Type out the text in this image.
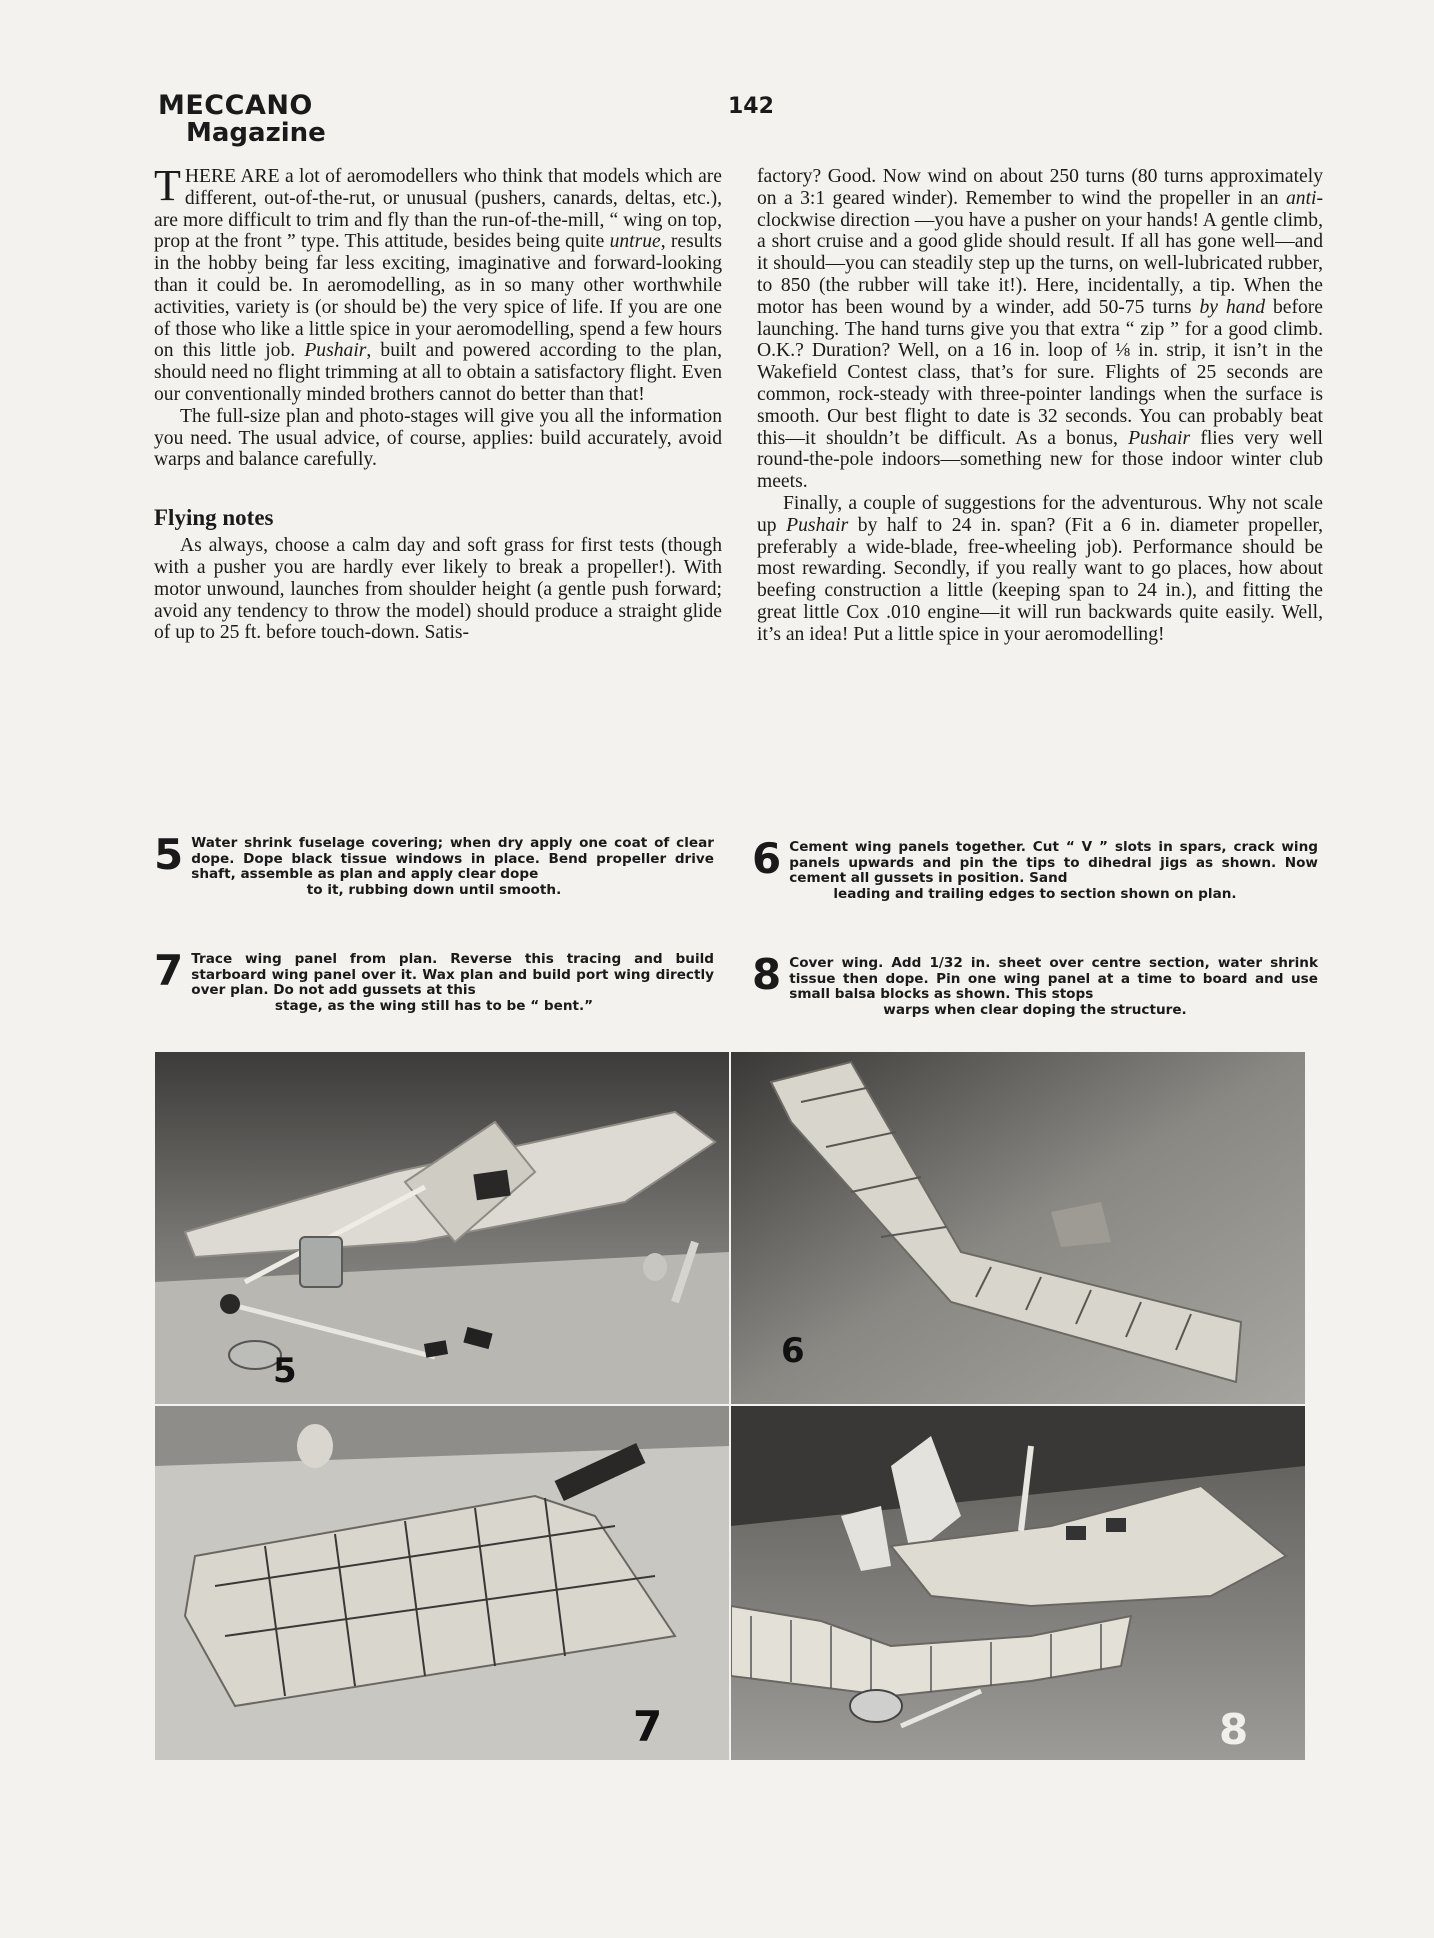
MECCANO
Magazine
142

THERE ARE a lot of aeromodellers who think that models which are different, out-of-the-rut, or unusual (pushers, canards, deltas, etc.), are more difficult to trim and fly than the run-of-the-mill, “ wing on top, prop at the front ” type. This attitude, besides being quite untrue, results in the hobby being far less exciting, imaginative and forward-looking than it could be. In aeromodelling, as in so many other worthwhile activities, variety is (or should be) the very spice of life. If you are one of those who like a little spice in your aeromodelling, spend a few hours on this little job. Pushair, built and powered according to the plan, should need no flight trimming at all to obtain a satisfactory flight. Even our conventionally minded brothers cannot do better than that!

The full-size plan and photo-stages will give you all the information you need. The usual advice, of course, applies: build accurately, avoid warps and balance carefully.

Flying notes

As always, choose a calm day and soft grass for first tests (though with a pusher you are hardly ever likely to break a propeller!). With motor unwound, launches from shoulder height (a gentle push forward; avoid any tendency to throw the model) should produce a straight glide of up to 25 ft. before touch-down. Satis-

factory? Good. Now wind on about 250 turns (80 turns approximately on a 3:1 geared winder). Remember to wind the propeller in an anti-clockwise direction —you have a pusher on your hands! A gentle climb, a short cruise and a good glide should result. If all has gone well—and it should—you can steadily step up the turns, on well-lubricated rubber, to 850 (the rubber will take it!). Here, incidentally, a tip. When the motor has been wound by a winder, add 50-75 turns by hand before launching. The hand turns give you that extra “ zip ” for a good climb. O.K.? Duration? Well, on a 16 in. loop of ⅛ in. strip, it isn’t in the Wakefield Contest class, that’s for sure. Flights of 25 seconds are common, rock-steady with three-pointer landings when the surface is smooth. Our best flight to date is 32 seconds. You can probably beat this—it shouldn’t be difficult. As a bonus, Pushair flies very well round-the-pole indoors—something new for those indoor winter club meets.

Finally, a couple of suggestions for the adventurous. Why not scale up Pushair by half to 24 in. span? (Fit a 6 in. diameter propeller, preferably a wide-blade, free-wheeling job). Performance should be most rewarding. Secondly, if you really want to go places, how about beefing construction a little (keeping span to 24 in.), and fitting the great little Cox .010 engine—it will run backwards quite easily. Well, it’s an idea! Put a little spice in your aeromodelling!

5 Water shrink fuselage covering; when dry apply one coat of clear dope. Dope black tissue windows in place. Bend propeller drive shaft, assemble as plan and apply clear dope
to it, rubbing down until smooth.
6 Cement wing panels together. Cut “ V ” slots in spars, crack wing panels upwards and pin the tips to dihedral jigs as shown. Now cement all gussets in position. Sand
leading and trailing edges to section shown on plan.
7 Trace wing panel from plan. Reverse this tracing and build starboard wing panel over it. Wax plan and build port wing directly over plan. Do not add gussets at this
stage, as the wing still has to be “ bent.”
8 Cover wing. Add 1/32 in. sheet over centre section, water shrink tissue then dope. Pin one wing panel at a time to board and use small balsa blocks as shown. This stops
warps when clear doping the structure.
5	6
7	8
